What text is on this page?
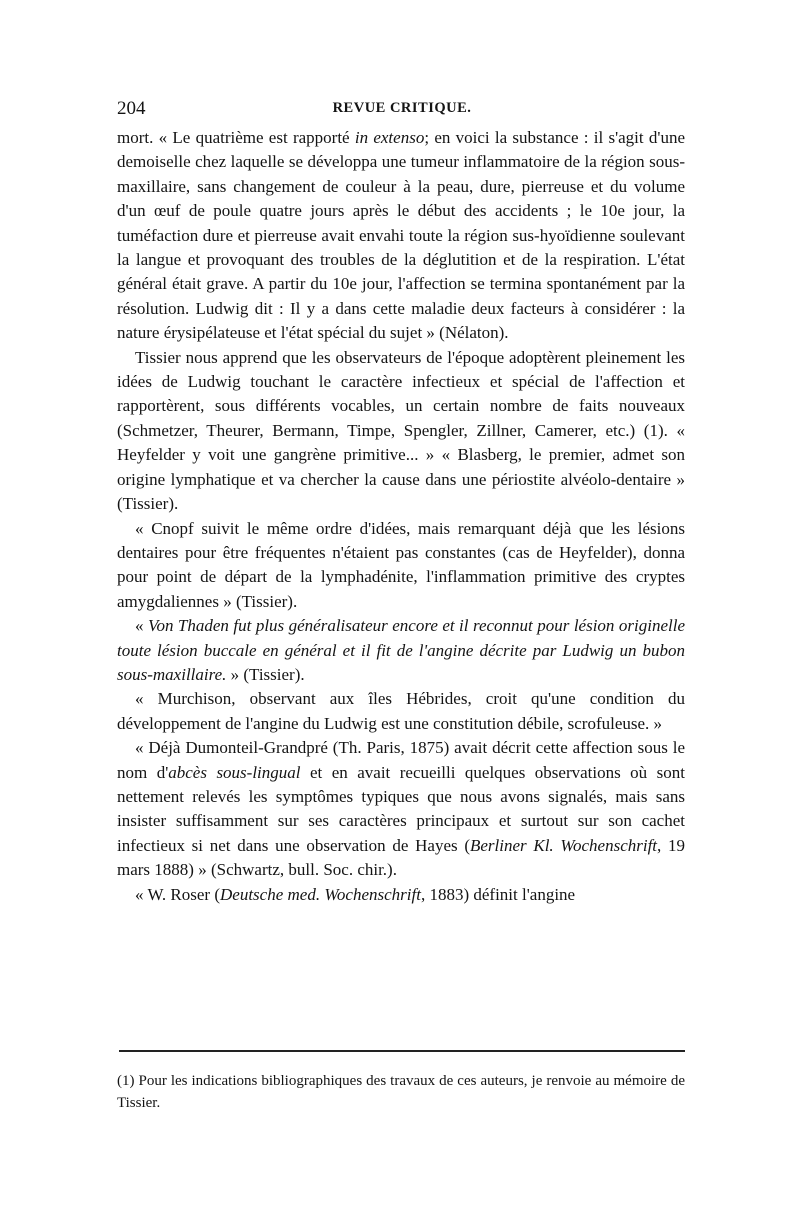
204	REVUE CRITIQUE.

mort. « Le quatrième est rapporté in extenso; en voici la substance : il s'agit d'une demoiselle chez laquelle se développa une tumeur inflammatoire de la région sous-maxillaire, sans changement de couleur à la peau, dure, pierreuse et du volume d'un œuf de poule quatre jours après le début des accidents ; le 10e jour, la tuméfaction dure et pierreuse avait envahi toute la région sus-hyoïdienne soulevant la langue et provoquant des troubles de la déglutition et de la respiration. L'état général était grave. A partir du 10e jour, l'affection se termina spontanément par la résolution. Ludwig dit : Il y a dans cette maladie deux facteurs à considérer : la nature érysipélateuse et l'état spécial du sujet » (Nélaton).

Tissier nous apprend que les observateurs de l'époque adoptèrent pleinement les idées de Ludwig touchant le caractère infectieux et spécial de l'affection et rapportèrent, sous différents vocables, un certain nombre de faits nouveaux (Schmetzer, Theurer, Bermann, Timpe, Spengler, Zillner, Camerer, etc.) (1). « Heyfelder y voit une gangrène primitive... » « Blasberg, le premier, admet son origine lymphatique et va chercher la cause dans une périostite alvéolo-dentaire » (Tissier).

« Cnopf suivit le même ordre d'idées, mais remarquant déjà que les lésions dentaires pour être fréquentes n'étaient pas constantes (cas de Heyfelder), donna pour point de départ de la lymphadénite, l'inflammation primitive des cryptes amygdaliennes » (Tissier).

« Von Thaden fut plus généralisateur encore et il reconnut pour lésion originelle toute lésion buccale en général et il fit de l'angine décrite par Ludwig un bubon sous-maxillaire. » (Tissier).

« Murchison, observant aux îles Hébrides, croit qu'une condition du développement de l'angine du Ludwig est une constitution débile, scrofuleuse. »

« Déjà Dumonteil-Grandpré (Th. Paris, 1875) avait décrit cette affection sous le nom d'abcès sous-lingual et en avait recueilli quelques observations où sont nettement relevés les symptômes typiques que nous avons signalés, mais sans insister suffisamment sur ses caractères principaux et surtout sur son cachet infectieux si net dans une observation de Hayes (Berliner Kl. Wochenschrift, 19 mars 1888) » (Schwartz, bull. Soc. chir.).

« W. Roser (Deutsche med. Wochenschrift, 1883) définit l'angine

(1) Pour les indications bibliographiques des travaux de ces auteurs, je renvoie au mémoire de Tissier.
